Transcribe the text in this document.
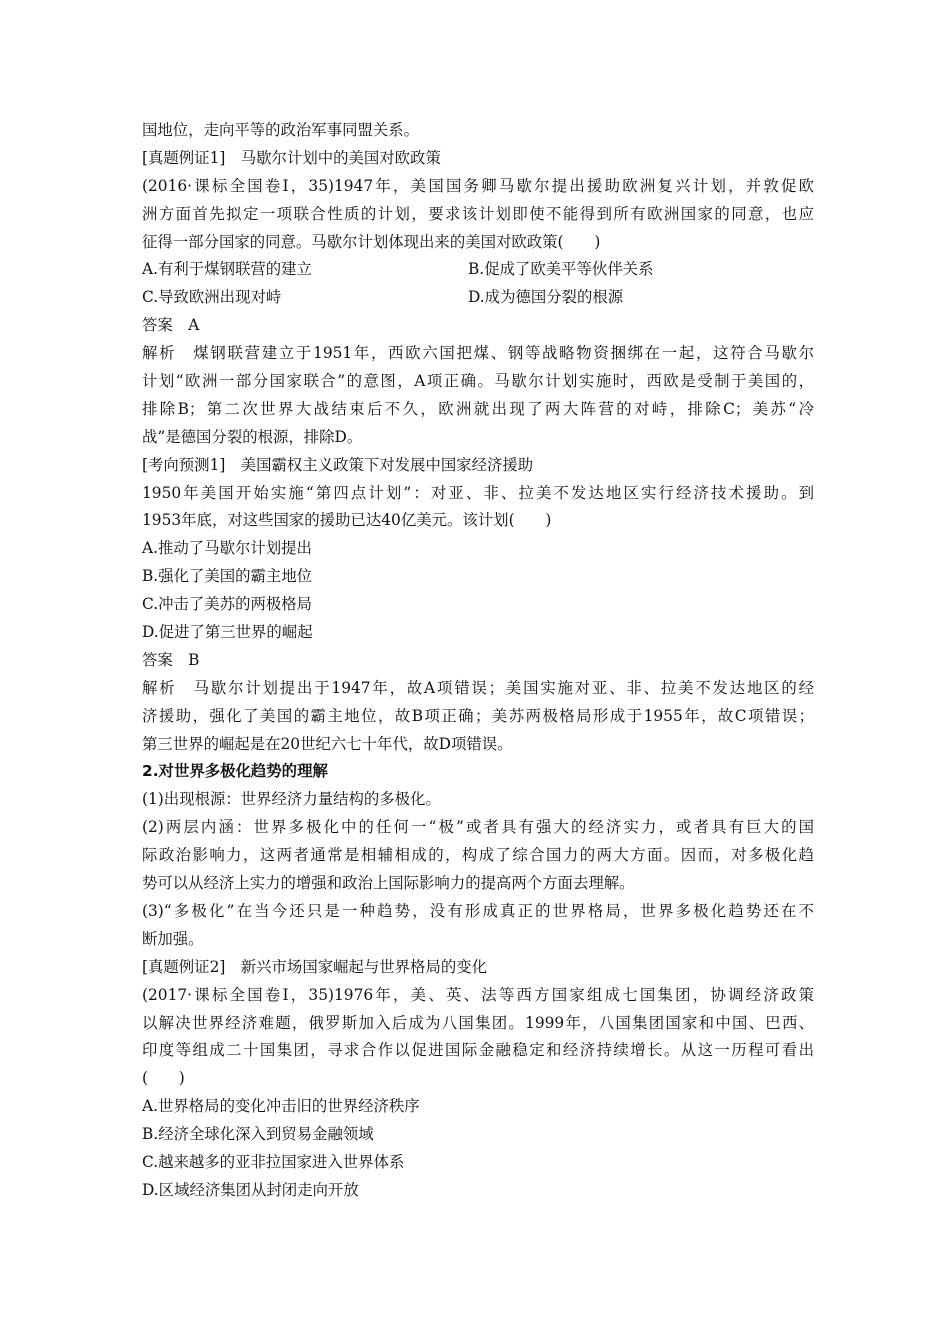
国地位，走向平等的政治军事同盟关系。
[真题例证1]　马歇尔计划中的美国对欧政策
(2016·课标全国卷Ⅰ，35)1947年，美国国务卿马歇尔提出援助欧洲复兴计划，并敦促欧
洲方面首先拟定一项联合性质的计划，要求该计划即使不能得到所有欧洲国家的同意，也应
征得一部分国家的同意。马歇尔计划体现出来的美国对欧政策(　　)
A.有利于煤钢联营的建立	B.促成了欧美平等伙伴关系
C.导致欧洲出现对峙	D.成为德国分裂的根源
答案　A
解析　煤钢联营建立于1951年，西欧六国把煤、钢等战略物资捆绑在一起，这符合马歇尔
计划“欧洲一部分国家联合”的意图，A项正确。马歇尔计划实施时，西欧是受制于美国的，
排除B；第二次世界大战结束后不久，欧洲就出现了两大阵营的对峙，排除C；美苏“冷
战”是德国分裂的根源，排除D。
[考向预测1]　美国霸权主义政策下对发展中国家经济援助
1950年美国开始实施“第四点计划”：对亚、非、拉美不发达地区实行经济技术援助。到
1953年底，对这些国家的援助已达40亿美元。该计划(　　)
A.推动了马歇尔计划提出
B.强化了美国的霸主地位
C.冲击了美苏的两极格局
D.促进了第三世界的崛起
答案　B
解析　马歇尔计划提出于1947年，故A项错误；美国实施对亚、非、拉美不发达地区的经
济援助，强化了美国的霸主地位，故B项正确；美苏两极格局形成于1955年，故C项错误；
第三世界的崛起是在20世纪六七十年代，故D项错误。
2.对世界多极化趋势的理解
(1)出现根源：世界经济力量结构的多极化。
(2)两层内涵：世界多极化中的任何一“极”或者具有强大的经济实力，或者具有巨大的国
际政治影响力，这两者通常是相辅相成的，构成了综合国力的两大方面。因而，对多极化趋
势可以从经济上实力的增强和政治上国际影响力的提高两个方面去理解。
(3)“多极化”在当今还只是一种趋势，没有形成真正的世界格局，世界多极化趋势还在不
断加强。
[真题例证2]　新兴市场国家崛起与世界格局的变化
(2017·课标全国卷Ⅰ，35)1976年，美、英、法等西方国家组成七国集团，协调经济政策
以解决世界经济难题，俄罗斯加入后成为八国集团。1999年，八国集团国家和中国、巴西、
印度等组成二十国集团，寻求合作以促进国际金融稳定和经济持续增长。从这一历程可看出
(　　)
A.世界格局的变化冲击旧的世界经济秩序
B.经济全球化深入到贸易金融领域
C.越来越多的亚非拉国家进入世界体系
D.区域经济集团从封闭走向开放
